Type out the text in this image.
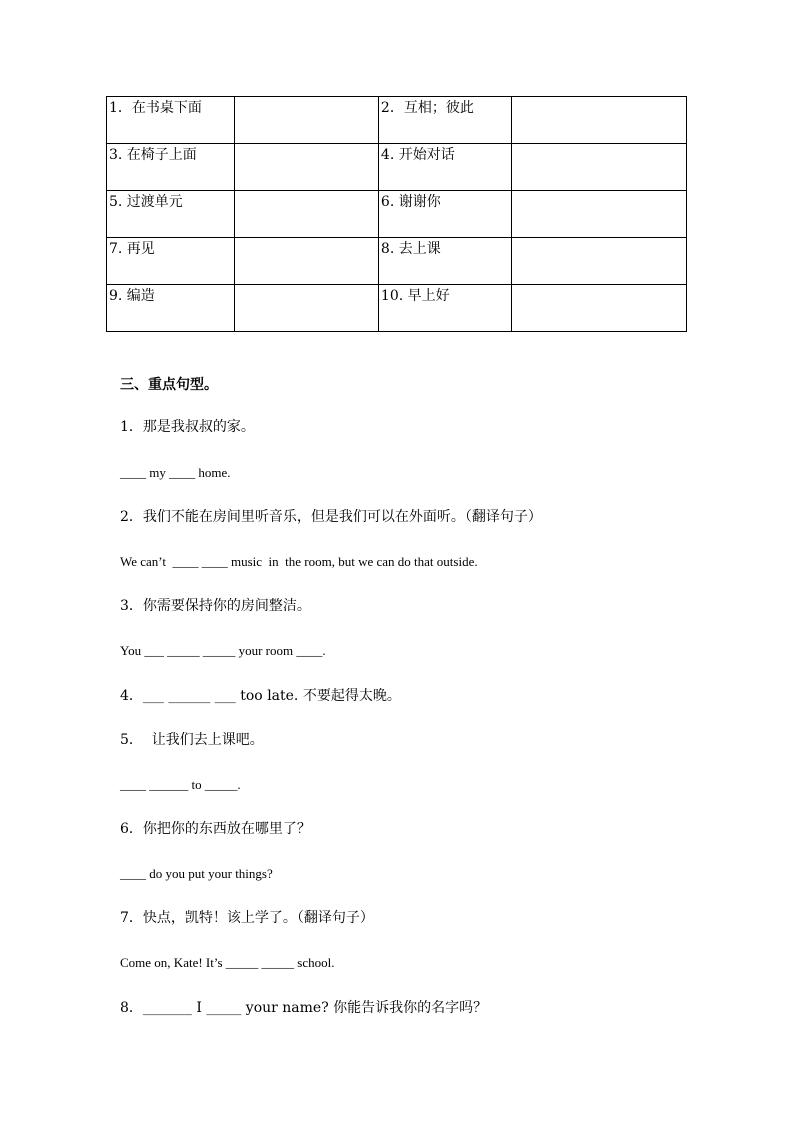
1．在书桌下面		2．互相；彼此	
3. 在椅子上面		4. 开始对话	
5. 过渡单元		6. 谢谢你	
7. 再见		8. 去上课	
9. 编造		10. 早上好	
三、重点句型。
1．那是我叔叔的家。
____ my ____ home.
2．我们不能在房间里听音乐，但是我们可以在外面听。（翻译句子）
We can’t  ____ ____ music  in  the room, but we can do that outside.
3．你需要保持你的房间整洁。
You ___ _____ _____ your room ____.
4．___ ______ ___ too late. 不要起得太晚。
5．  让我们去上课吧。
____ ______ to _____.
6．你把你的东西放在哪里了？
____ do you put your things?
7．快点，凯特！该上学了。（翻译句子）
Come on, Kate! It’s _____ _____ school.
8．_______ I _____ your name? 你能告诉我你的名字吗？
